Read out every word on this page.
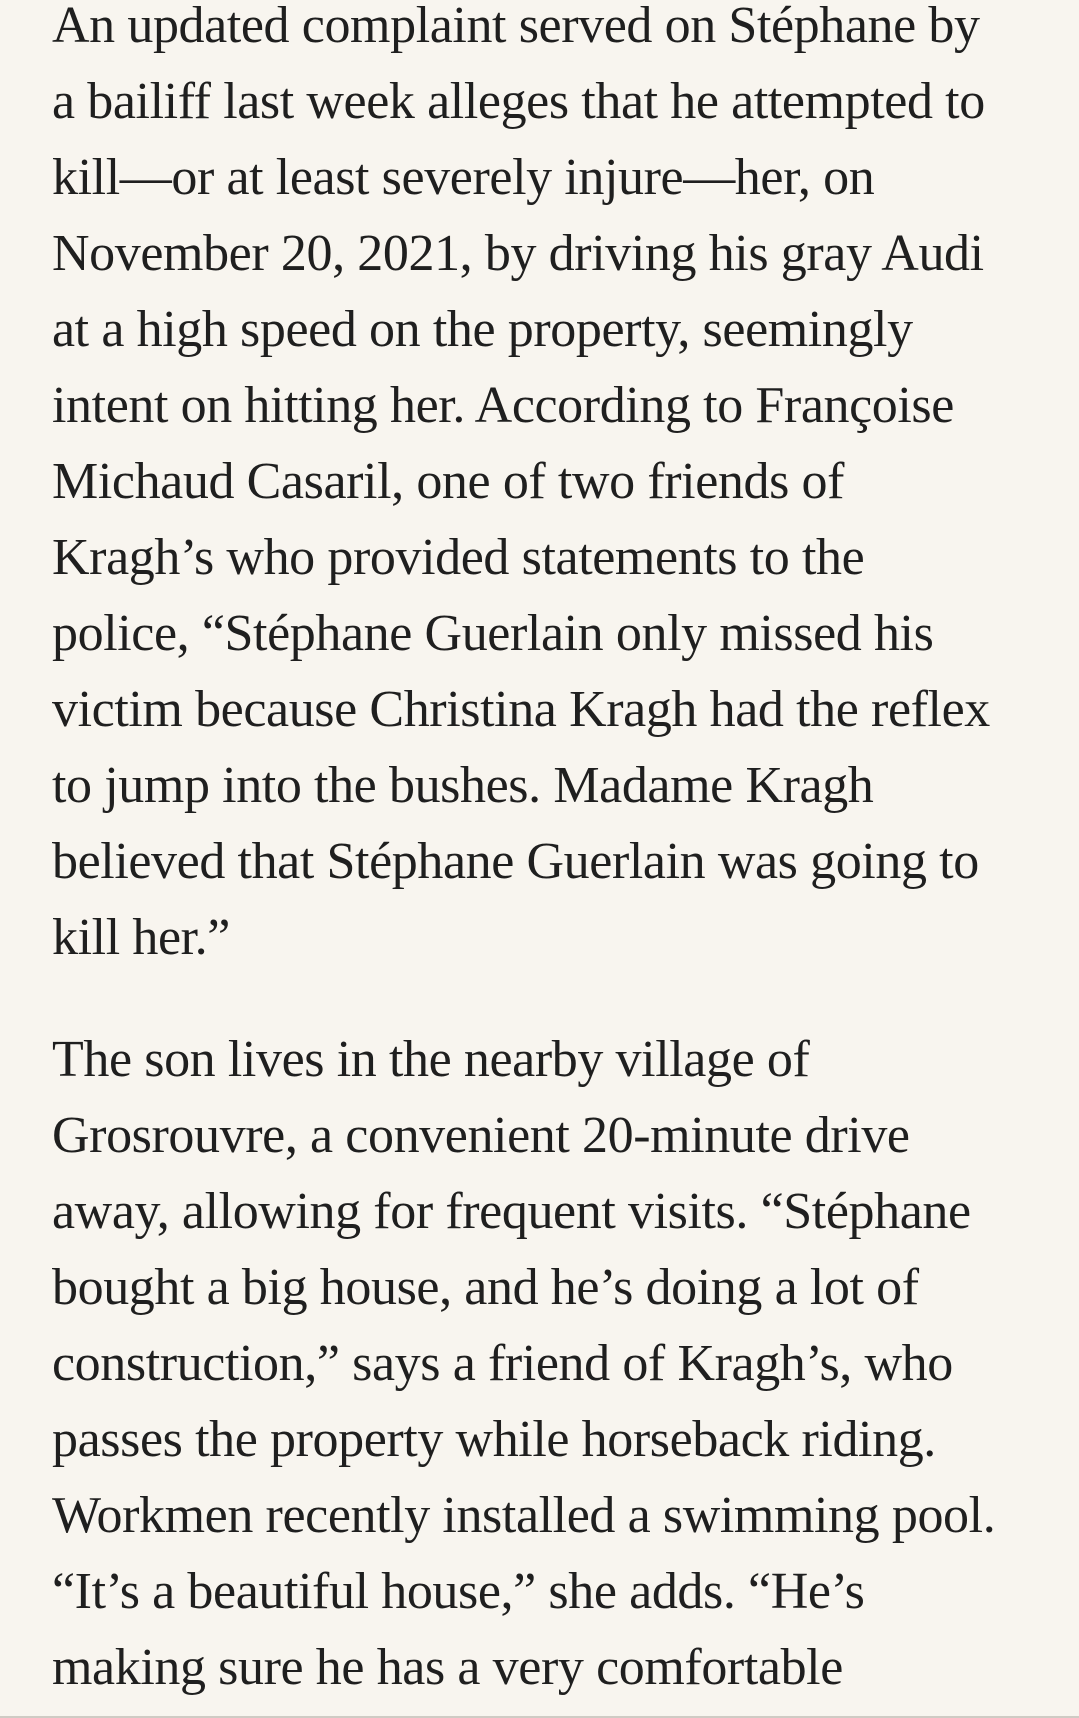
An updated complaint served on Stéphane by
a bailiff last week alleges that he attempted to
kill—or at least severely injure—her, on
November 20, 2021, by driving his gray Audi
at a high speed on the property, seemingly
intent on hitting her. According to Françoise
Michaud Casaril, one of two friends of
Kragh’s who provided statements to the
police, “Stéphane Guerlain only missed his
victim because Christina Kragh had the reflex
to jump into the bushes. Madame Kragh
believed that Stéphane Guerlain was going to
kill her.”

The son lives in the nearby village of
Grosrouvre, a convenient 20-minute drive
away, allowing for frequent visits. “Stéphane
bought a big house, and he’s doing a lot of
construction,” says a friend of Kragh’s, who
passes the property while horseback riding.
Workmen recently installed a swimming pool.
“It’s a beautiful house,” she adds. “He’s
making sure he has a very comfortable
